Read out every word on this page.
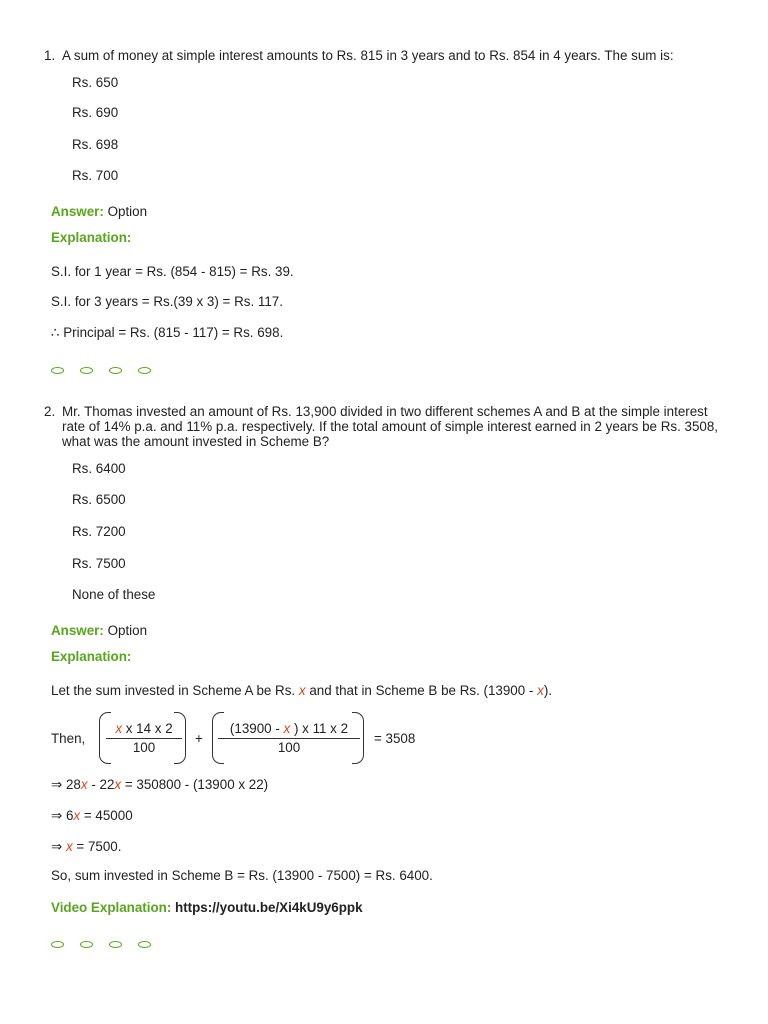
1. A sum of money at simple interest amounts to Rs. 815 in 3 years and to Rs. 854 in 4 years. The sum is:
Rs. 650
Rs. 690
Rs. 698
Rs. 700
Answer: Option
Explanation:
S.I. for 1 year = Rs. (854 - 815) = Rs. 39.
S.I. for 3 years = Rs.(39 x 3) = Rs. 117.
∴ Principal = Rs. (815 - 117) = Rs. 698.
2. Mr. Thomas invested an amount of Rs. 13,900 divided in two different schemes A and B at the simple interest rate of 14% p.a. and 11% p.a. respectively. If the total amount of simple interest earned in 2 years be Rs. 3508, what was the amount invested in Scheme B?
Rs. 6400
Rs. 6500
Rs. 7200
Rs. 7500
None of these
Answer: Option
Explanation:
Let the sum invested in Scheme A be Rs. x and that in Scheme B be Rs. (13900 - x).
Then,
x x 14 x 2
100
+
(13900 - x ) x 11 x 2
100
= 3508
⇒ 28x - 22x = 350800 - (13900 x 22)
⇒ 6x = 45000
⇒ x = 7500.
So, sum invested in Scheme B = Rs. (13900 - 7500) = Rs. 6400.
Video Explanation: https://youtu.be/Xi4kU9y6ppk
